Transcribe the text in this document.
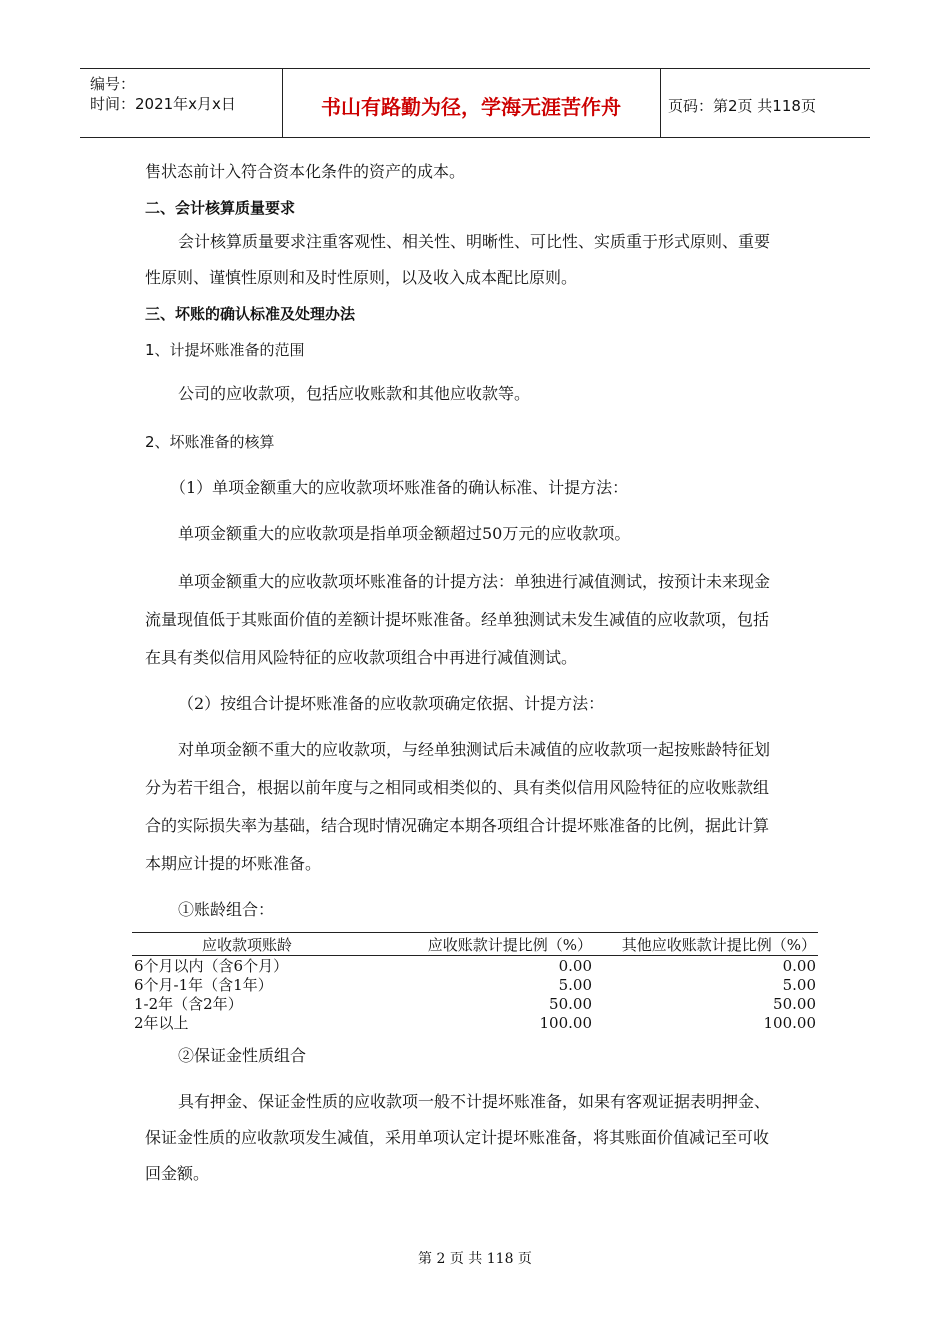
编号：
时间：2021年x月x日	书山有路勤为径，学海无涯苦作舟	页码：第2页 共118页
售状态前计入符合资本化条件的资产的成本。
二、会计核算质量要求
会计核算质量要求注重客观性、相关性、明晰性、可比性、实质重于形式原则、重要
性原则、谨慎性原则和及时性原则，以及收入成本配比原则。
三、坏账的确认标准及处理办法
1、计提坏账准备的范围
公司的应收款项，包括应收账款和其他应收款等。
2、坏账准备的核算
（1）单项金额重大的应收款项坏账准备的确认标准、计提方法：
单项金额重大的应收款项是指单项金额超过50万元的应收款项。
单项金额重大的应收款项坏账准备的计提方法：单独进行减值测试，按预计未来现金
流量现值低于其账面价值的差额计提坏账准备。经单独测试未发生减值的应收款项，包括
在具有类似信用风险特征的应收款项组合中再进行减值测试。
（2）按组合计提坏账准备的应收款项确定依据、计提方法：
对单项金额不重大的应收款项，与经单独测试后未减值的应收款项一起按账龄特征划
分为若干组合，根据以前年度与之相同或相类似的、具有类似信用风险特征的应收账款组
合的实际损失率为基础，结合现时情况确定本期各项组合计提坏账准备的比例，据此计算
本期应计提的坏账准备。
①账龄组合：
应收款项账龄	应收账款计提比例（%）	其他应收账款计提比例（%）
6个月以内（含6个月）	0.00	0.00
6个月-1年（含1年）	5.00	5.00
1-2年（含2年）	50.00	50.00
2年以上	100.00	100.00
②保证金性质组合
具有押金、保证金性质的应收款项一般不计提坏账准备，如果有客观证据表明押金、
保证金性质的应收款项发生减值，采用单项认定计提坏账准备，将其账面价值减记至可收
回金额。
第 2 页 共 118 页
